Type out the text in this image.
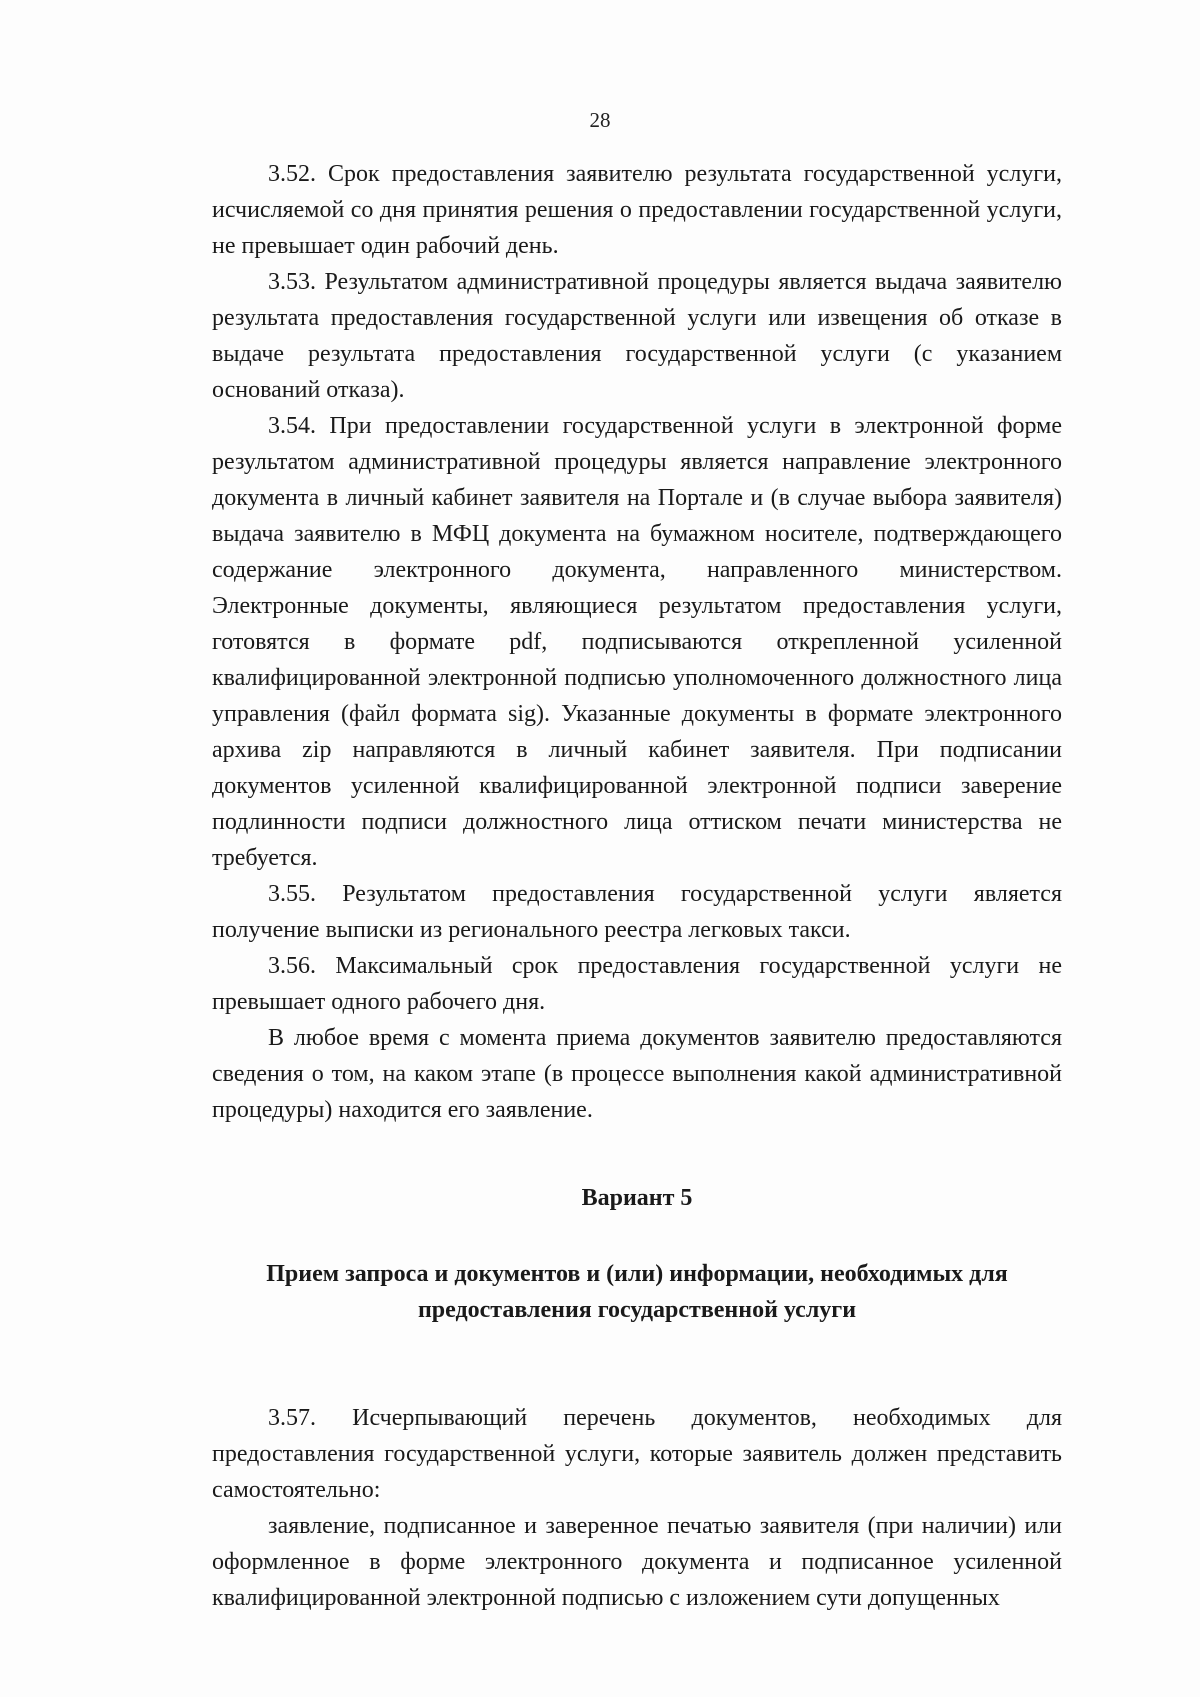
28

3.52. Срок предоставления заявителю результата государственной услуги, исчисляемой со дня принятия решения о предоставлении государственной услуги, не превышает один рабочий день.

3.53. Результатом административной процедуры является выдача заявителю результата предоставления государственной услуги или извещения об отказе в выдаче результата предоставления государственной услуги (с указанием оснований отказа).

3.54. При предоставлении государственной услуги в электронной форме результатом административной процедуры является направление электронного документа в личный кабинет заявителя на Портале и (в случае выбора заявителя) выдача заявителю в МФЦ документа на бумажном носителе, подтверждающего содержание электронного документа, направленного министерством. Электронные документы, являющиеся результатом предоставления услуги, готовятся в формате pdf, подписываются открепленной усиленной квалифицированной электронной подписью уполномоченного должностного лица управления (файл формата sig). Указанные документы в формате электронного архива zip направляются в личный кабинет заявителя. При подписании документов усиленной квалифицированной электронной подписи заверение подлинности подписи должностного лица оттиском печати министерства не требуется.

3.55. Результатом предоставления государственной услуги является получение выписки из регионального реестра легковых такси.

3.56. Максимальный срок предоставления государственной услуги не превышает одного рабочего дня.

В любое время с момента приема документов заявителю предоставляются сведения о том, на каком этапе (в процессе выполнения какой административной процедуры) находится его заявление.

Вариант 5
Прием запроса и документов и (или) информации, необходимых для предоставления государственной услуги

3.57. Исчерпывающий перечень документов, необходимых для предоставления государственной услуги, которые заявитель должен представить самостоятельно:

заявление, подписанное и заверенное печатью заявителя (при наличии) или оформленное в форме электронного документа и подписанное усиленной квалифицированной электронной подписью с изложением сути допущенных
